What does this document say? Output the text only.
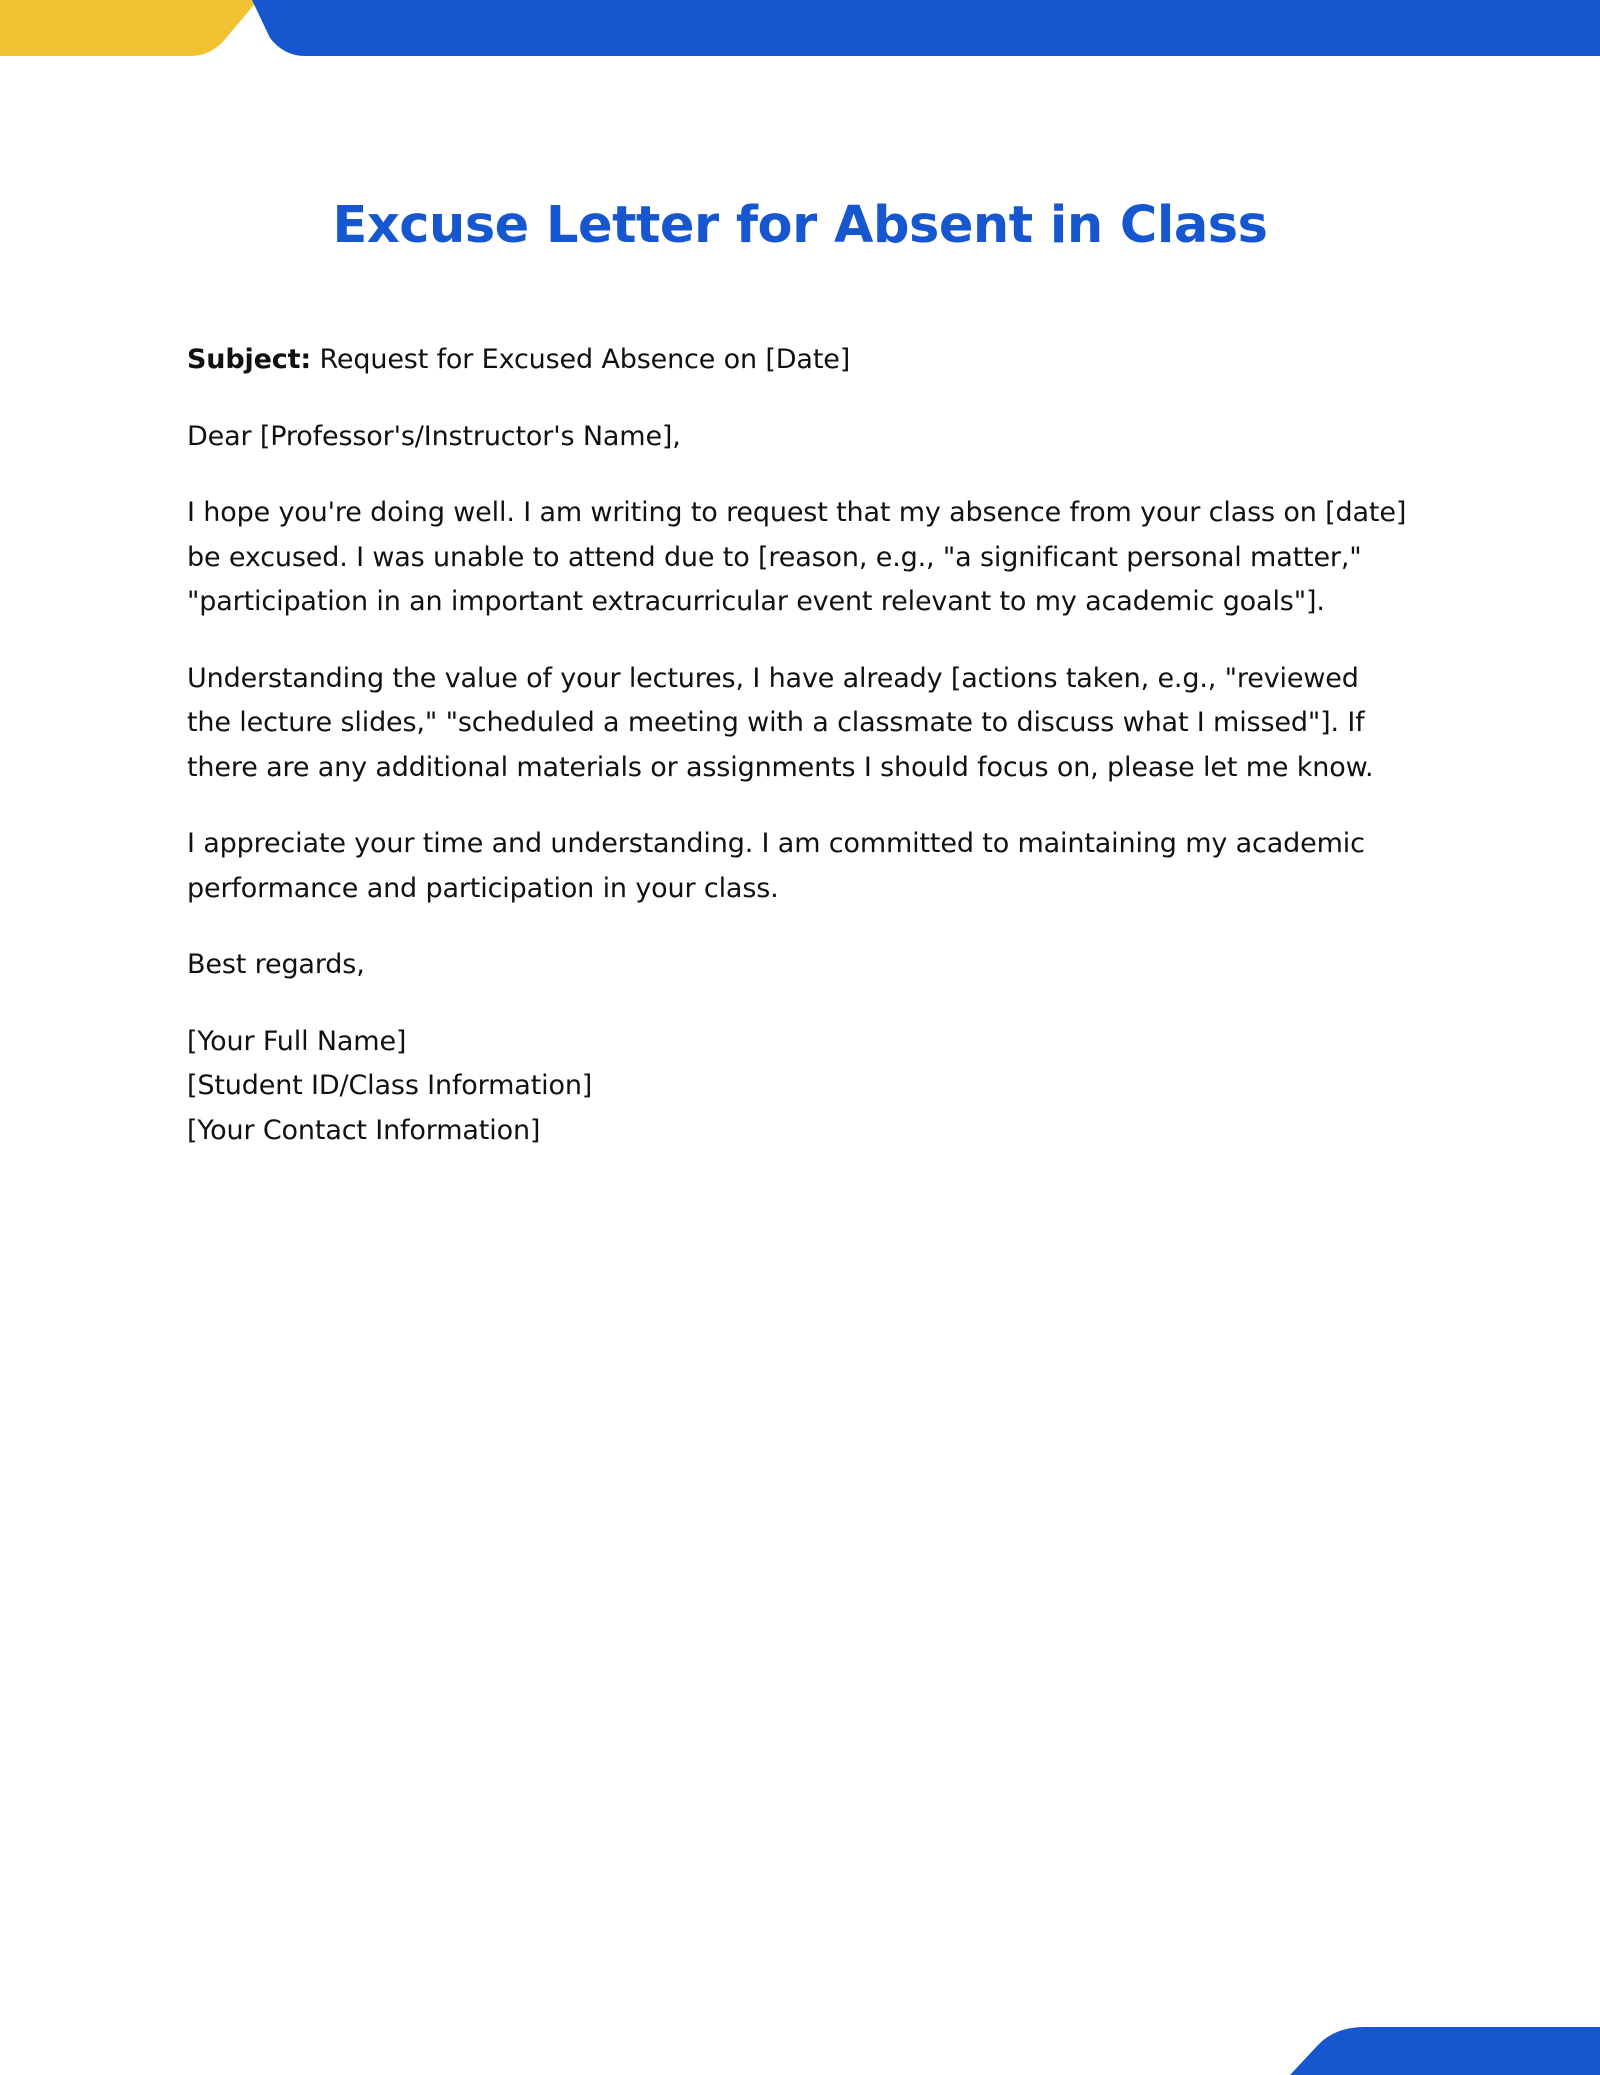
Excuse Letter for Absent in Class

Subject: Request for Excused Absence on [Date]

Dear [Professor's/Instructor's Name],

I hope you're doing well. I am writing to request that my absence from your class on [date] be excused. I was unable to attend due to [reason, e.g., "a significant personal matter," "participation in an important extracurricular event relevant to my academic goals"].

Understanding the value of your lectures, I have already [actions taken, e.g., "reviewed the lecture slides," "scheduled a meeting with a classmate to discuss what I missed"]. If there are any additional materials or assignments I should focus on, please let me know.

I appreciate your time and understanding. I am committed to maintaining my academic performance and participation in your class.

Best regards,

[Your Full Name]
[Student ID/Class Information]
[Your Contact Information]
